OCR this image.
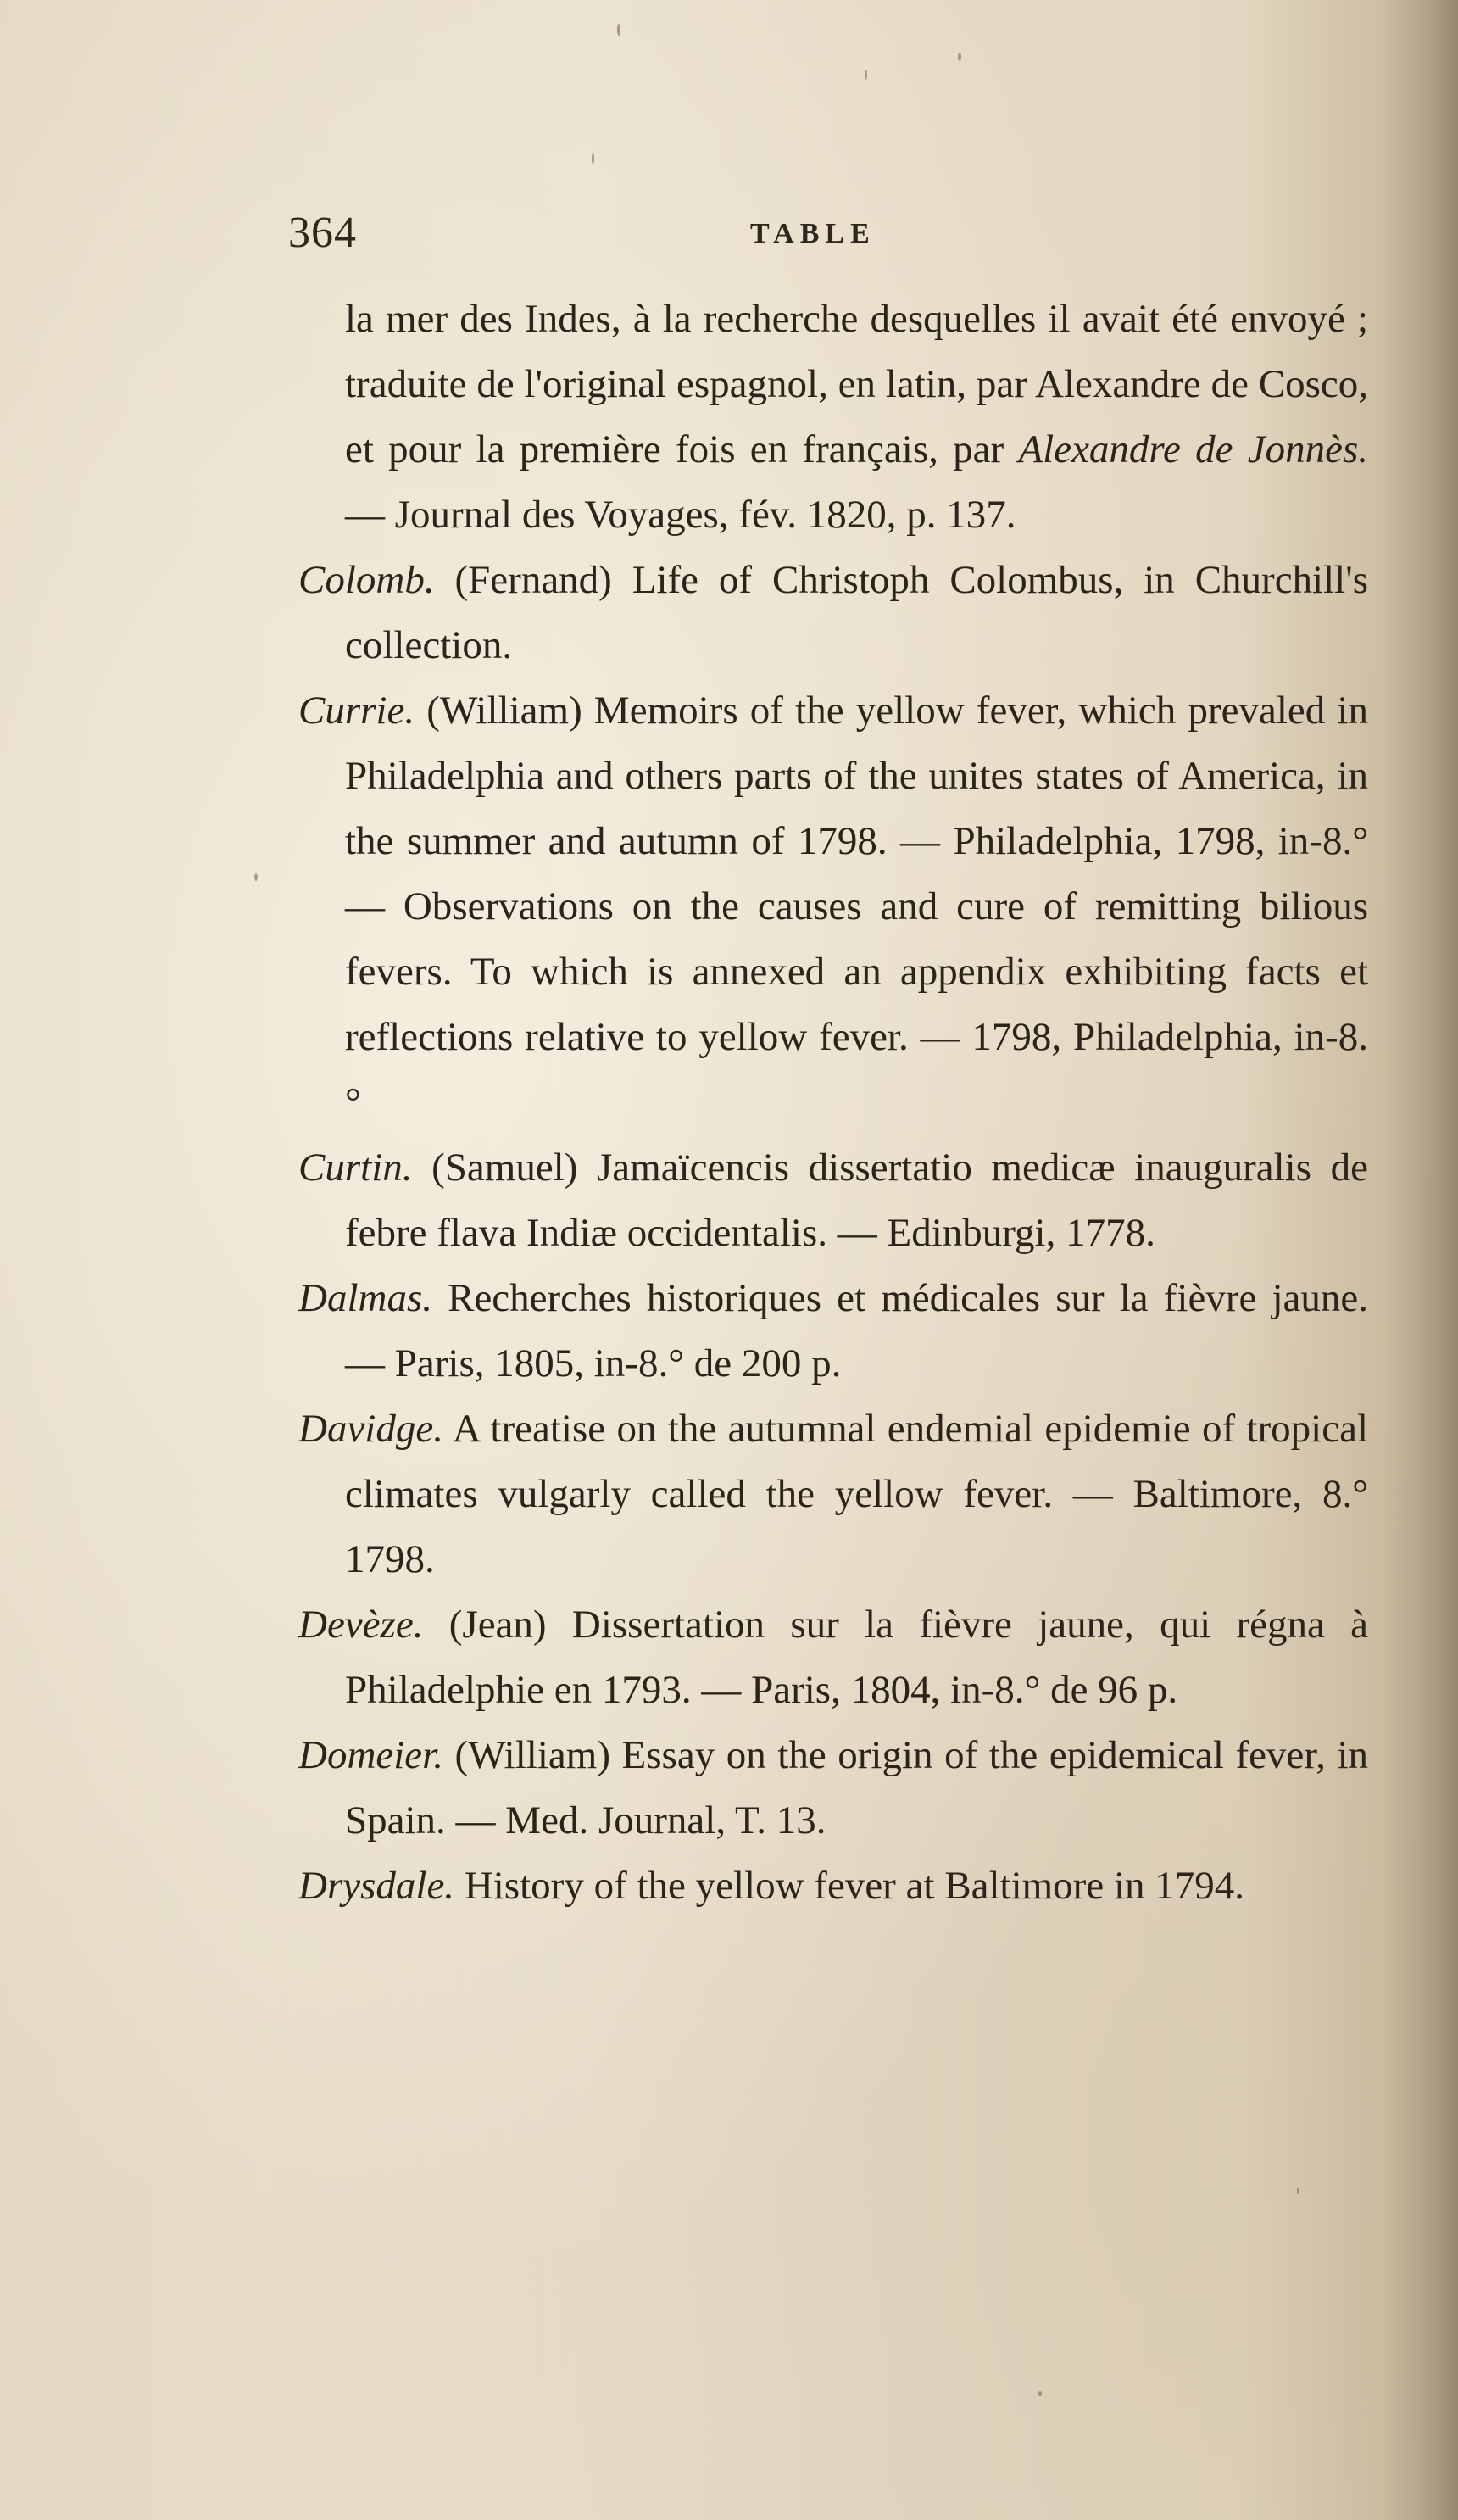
364	TABLE

la mer des Indes, à la recherche desquelles il avait été envoyé ; traduite de l'original espagnol, en latin, par Alexandre de Cosco, et pour la première fois en français, par Alexandre de Jonnès. — Journal des Voyages, fév. 1820, p. 137.

Colomb. (Fernand) Life of Christoph Colombus, in Churchill's collection.

Currie. (William) Memoirs of the yellow fever, which prevaled in Philadelphia and others parts of the unites states of America, in the summer and autumn of 1798. — Philadelphia, 1798, in-8.° — Observations on the causes and cure of remitting bilious fevers. To which is annexed an appendix exhibiting facts et reflections relative to yellow fever. — 1798, Philadelphia, in-8.°

Curtin. (Samuel) Jamaïcencis dissertatio medicæ inauguralis de febre flava Indiæ occidentalis. — Edinburgi, 1778.

Dalmas. Recherches historiques et médicales sur la fièvre jaune. — Paris, 1805, in-8.° de 200 p.

Davidge. A treatise on the autumnal endemial epidemie of tropical climates vulgarly called the yellow fever. — Baltimore, 8.° 1798.

Devèze. (Jean) Dissertation sur la fièvre jaune, qui régna à Philadelphie en 1793. — Paris, 1804, in-8.° de 96 p.

Domeier. (William) Essay on the origin of the epidemical fever, in Spain. — Med. Journal, T. 13.

Drysdale. History of the yellow fever at Baltimore in 1794.
